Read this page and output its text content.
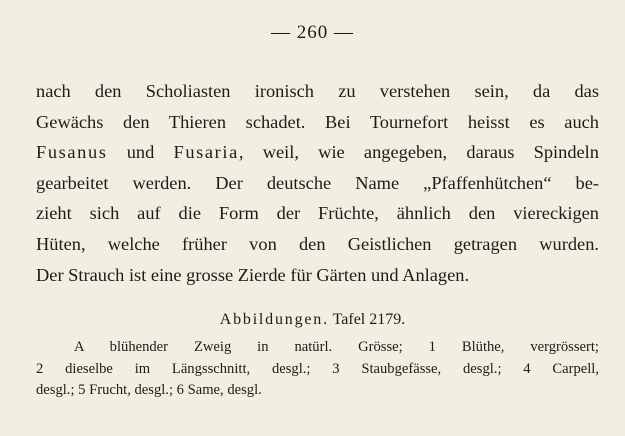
— 260 —
nach den Scholiasten ironisch zu verstehen sein, da das
Gewächs den Thieren schadet. Bei Tournefort heisst es auch
Fusanus und Fusaria, weil, wie angegeben, daraus Spindeln
gearbeitet werden. Der deutsche Name „Pfaffenhütchen“ be-
zieht sich auf die Form der Früchte, ähnlich den viereckigen
Hüten, welche früher von den Geistlichen getragen wurden.
Der Strauch ist eine grosse Zierde für Gärten und Anlagen.
Abbildungen. Tafel 2179.
A blühender Zweig in natürl. Grösse; 1 Blüthe, vergrössert;
2 dieselbe im Längsschnitt, desgl.; 3 Staubgefässe, desgl.; 4 Carpell,
desgl.; 5 Frucht, desgl.; 6 Same, desgl.
